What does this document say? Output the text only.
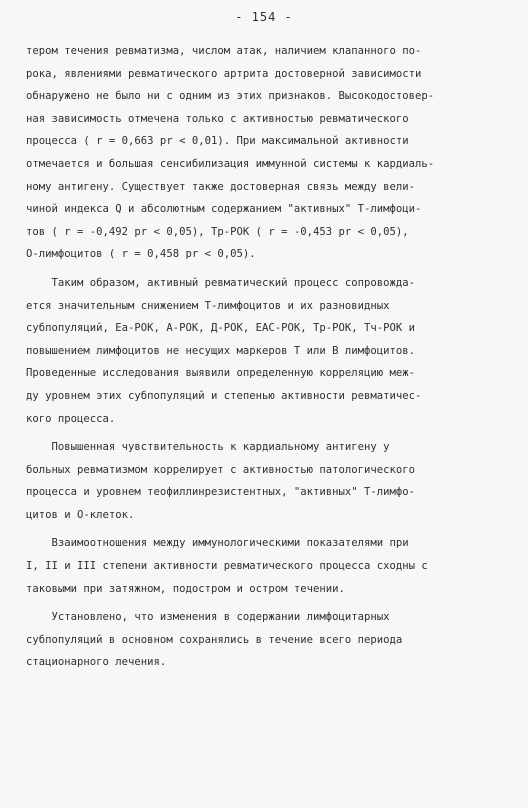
- 154 -
тером течения ревматизма, числом атак, наличием клапанного по-
рока, явлениями ревматического артрита достоверной зависимости
обнаружено не было ни с одним из этих признаков. Высокодостовер-
ная зависимость отмечена только с активностью ревматического
процесса ( r = 0,663 pr < 0,01). При максимальной активности
отмечается и большая сенсибилизация иммунной системы к кардиаль-
ному антигену. Существует также достоверная связь между вели-
чиной индекса Q и абсолютным содержанием "активных" Т-лимфоци-
тов ( r = -0,492 pr < 0,05), Тр-РОК ( r = -0,453 pr < 0,05),
О-лимфоцитов ( r = 0,458 pr < 0,05).
Таким образом, активный ревматический процесс сопровожда-
ется значительным снижением Т-лимфоцитов и их разновидных
субпопуляций, Еа-РОК, А-РОК, Д-РОК, ЕАС-РОК, Тр-РОК, Тч-РОК и
повышением лимфоцитов не несущих маркеров Т или В лимфоцитов.
Проведенные исследования выявили определенную корреляцию меж-
ду уровнем этих субпопуляций и степенью активности ревматичес-
кого процесса.
Повышенная чувствительность к кардиальному антигену у
больных ревматизмом коррелирует с активностью патологического
процесса и уровнем теофиллинрезистентных, "активных" Т-лимфо-
цитов и О-клеток.
Взаимоотношения между иммунологическими показателями при
I, II и III степени активности ревматического процесса сходны с
таковыми при затяжном, подостром и остром течении.
Установлено, что изменения в содержании лимфоцитарных
субпопуляций в основном сохранялись в течение всего периода
стационарного лечения.
